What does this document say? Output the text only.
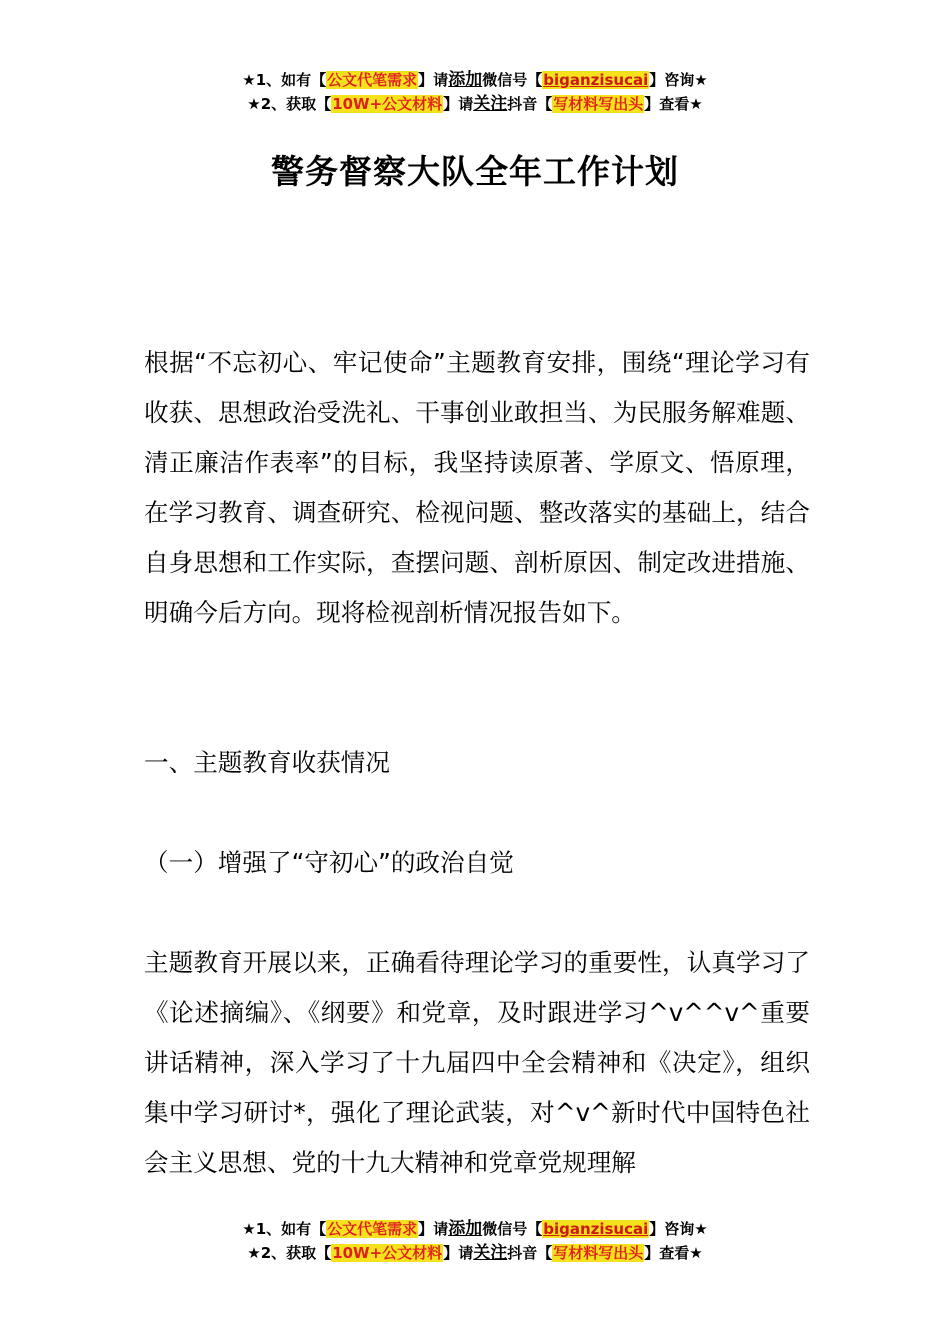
★1、如有【公文代笔需求】请添加微信号【biganzisucai】咨询★
★2、获取【10W+公文材料】请关注抖音【写材料写出头】查看★
警务督察大队全年工作计划

根据“不忘初心、牢记使命”主题教育安排，围绕“理论学习有收获、思想政治受洗礼、干事创业敢担当、为民服务解难题、清正廉洁作表率”的目标，我坚持读原著、学原文、悟原理，在学习教育、调查研究、检视问题、整改落实的基础上，结合自身思想和工作实际，查摆问题、剖析原因、制定改进措施、明确今后方向。现将检视剖析情况报告如下。

一、主题教育收获情况
（一）增强了“守初心”的政治自觉

主题教育开展以来，正确看待理论学习的重要性，认真学习了《论述摘编》、《纲要》和党章，及时跟进学习^v^^v^重要讲话精神，深入学习了十九届四中全会精神和《决定》，组织集中学习研讨*，强化了理论武装，对^v^新时代中国特色社会主义思想、党的十九大精神和党章党规理解

★1、如有【公文代笔需求】请添加微信号【biganzisucai】咨询★
★2、获取【10W+公文材料】请关注抖音【写材料写出头】查看★
